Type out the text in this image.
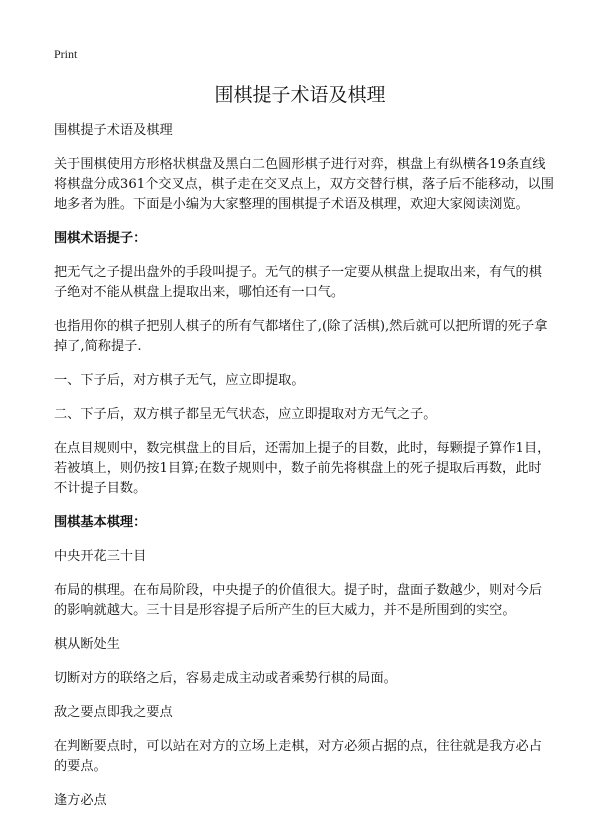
Print
围棋提子术语及棋理

围棋提子术语及棋理

关于围棋使用方形格状棋盘及黑白二色圆形棋子进行对弈，棋盘上有纵横各19条直线将棋盘分成361个交叉点，棋子走在交叉点上，双方交替行棋，落子后不能移动，以围地多者为胜。下面是小编为大家整理的围棋提子术语及棋理，欢迎大家阅读浏览。

围棋术语提子：

把无气之子提出盘外的手段叫提子。无气的棋子一定要从棋盘上提取出来，有气的棋子绝对不能从棋盘上提取出来，哪怕还有一口气。

也指用你的棋子把别人棋子的所有气都堵住了,(除了活棋),然后就可以把所谓的死子拿掉了,简称提子.

一、下子后，对方棋子无气，应立即提取。

二、下子后，双方棋子都呈无气状态，应立即提取对方无气之子。

在点目规则中，数完棋盘上的目后，还需加上提子的目数，此时，每颗提子算作1目，若被填上，则仍按1目算;在数子规则中，数子前先将棋盘上的死子提取后再数，此时不计提子目数。

围棋基本棋理：

中央开花三十目

布局的棋理。在布局阶段，中央提子的价值很大。提子时，盘面子数越少，则对今后的影响就越大。三十目是形容提子后所产生的巨大威力，并不是所围到的实空。

棋从断处生

切断对方的联络之后，容易走成主动或者乘势行棋的局面。

敌之要点即我之要点

在判断要点时，可以站在对方的立场上走棋，对方必须占据的点，往往就是我方必占的要点。

逢方必点
